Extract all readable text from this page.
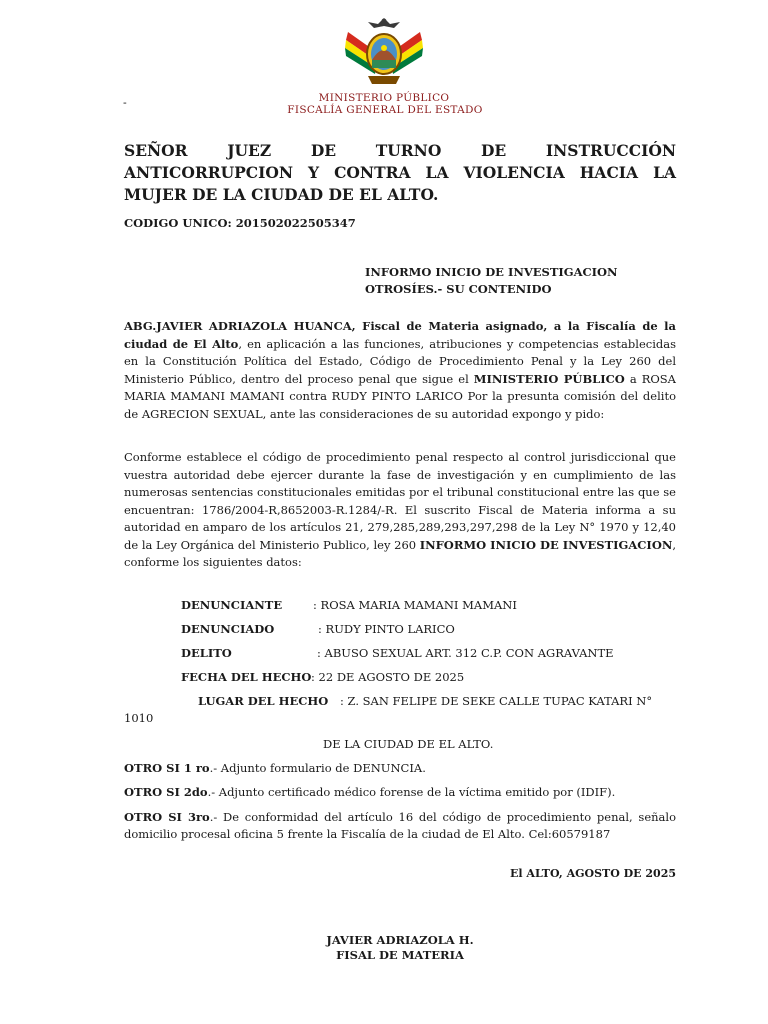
MINISTERIO PÚBLICO
FISCALÍA GENERAL DEL ESTADO
-
SEÑOR JUEZ DE TURNO DE INSTRUCCIÓN ANTICORRUPCION Y CONTRA LA VIOLENCIA HACIA LA MUJER DE LA CIUDAD DE EL ALTO.
CODIGO UNICO: 201502022505347
INFORMO INICIO DE INVESTIGACION
OTROSÍES.- SU CONTENIDO
ABG.JAVIER ADRIAZOLA HUANCA, Fiscal de Materia asignado, a la Fiscalía de la ciudad de El Alto, en aplicación a las funciones, atribuciones y competencias establecidas en la Constitución Política del Estado, Código de Procedimiento Penal y la Ley 260 del Ministerio Público, dentro del proceso penal que sigue el MINISTERIO PÚBLICO a ROSA MARIA MAMANI MAMANI contra RUDY PINTO LARICO Por la presunta comisión del delito de AGRECION SEXUAL, ante las consideraciones de su autoridad expongo y pido:
Conforme establece el código de procedimiento penal respecto al control jurisdiccional que vuestra autoridad debe ejercer durante la fase de investigación y en cumplimiento de las numerosas sentencias constitucionales emitidas por el tribunal constitucional entre las que se encuentran: 1786/2004-R,8652003-R.1284/-R. El suscrito Fiscal de Materia informa a su autoridad en amparo de los artículos 21, 279,285,289,293,297,298 de la Ley N° 1970 y 12,40 de la Ley Orgánica del Ministerio Publico, ley 260 INFORMO INICIO DE INVESTIGACION, conforme los siguientes datos:
DENUNCIANTE	: ROSA MARIA MAMANI MAMANI
DENUNCIADO	: RUDY PINTO LARICO
DELITO	: ABUSO SEXUAL ART. 312 C.P. CON AGRAVANTE
FECHA DEL HECHO : 22 DE AGOSTO DE 2025
LUGAR DEL HECHO : Z. SAN FELIPE DE SEKE CALLE TUPAC KATARI N°
1010
DE LA CIUDAD DE EL ALTO.
OTRO SI 1 ro.- Adjunto formulario de DENUNCIA.
OTRO SI 2do.- Adjunto certificado médico forense de la víctima emitido por (IDIF).
OTRO SI 3ro.- De conformidad del artículo 16 del código de procedimiento penal, señalo domicilio procesal oficina 5 frente la Fiscalía de la ciudad de El Alto. Cel:60579187
El ALTO, AGOSTO DE 2025
JAVIER ADRIAZOLA H.
FISAL DE MATERIA
